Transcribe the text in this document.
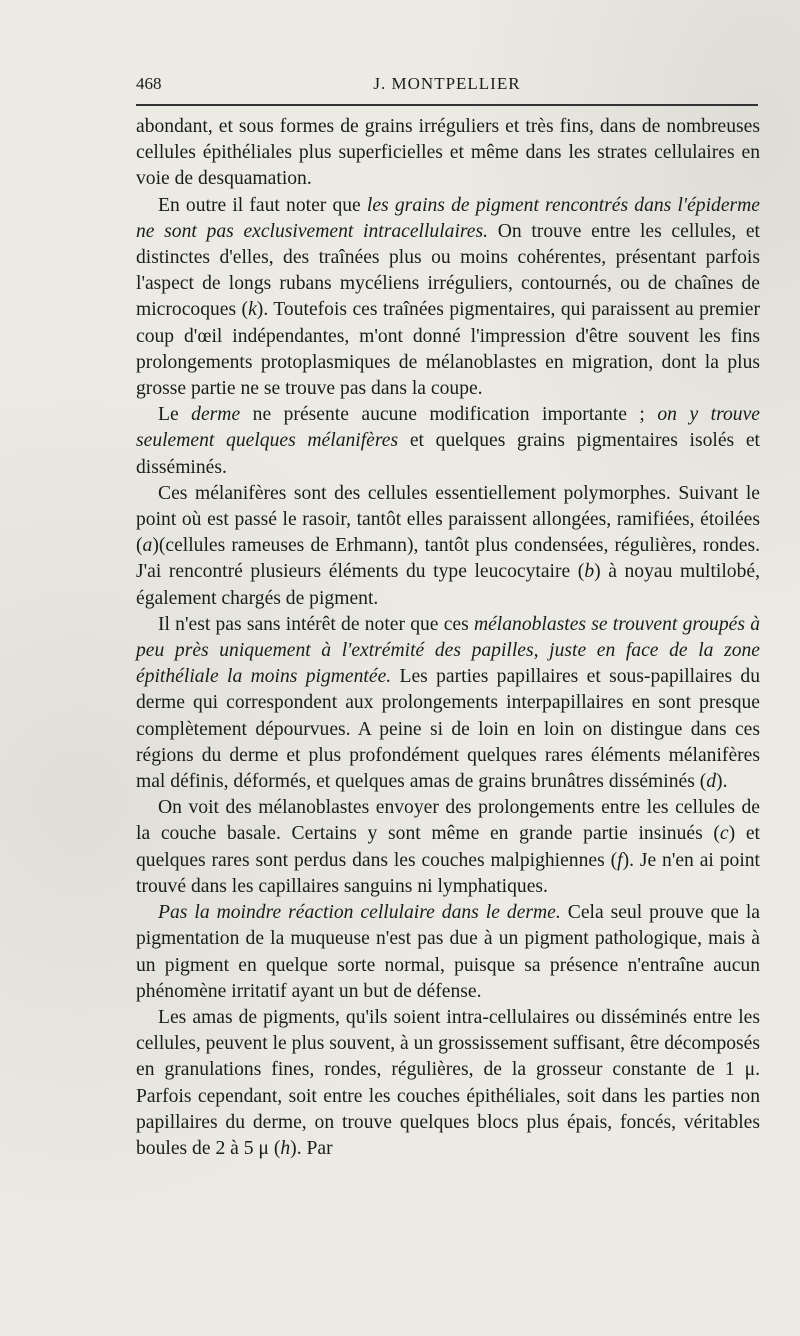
468	J. MONTPELLIER

abondant, et sous formes de grains irréguliers et très fins, dans de nombreuses cellules épithéliales plus superficielles et même dans les strates cellulaires en voie de desquamation.

En outre il faut noter que les grains de pigment rencontrés dans l'épiderme ne sont pas exclusivement intracellulaires. On trouve entre les cellules, et distinctes d'elles, des traînées plus ou moins cohérentes, présentant parfois l'aspect de longs rubans mycéliens irréguliers, contournés, ou de chaînes de microcoques (k). Toutefois ces traînées pigmentaires, qui paraissent au premier coup d'œil indépendantes, m'ont donné l'impression d'être souvent les fins prolongements protoplasmiques de mélanoblastes en migration, dont la plus grosse partie ne se trouve pas dans la coupe.

Le derme ne présente aucune modification importante ; on y trouve seulement quelques mélanifères et quelques grains pigmentaires isolés et disséminés.

Ces mélanifères sont des cellules essentiellement polymorphes. Suivant le point où est passé le rasoir, tantôt elles paraissent allongées, ramifiées, étoilées (a)(cellules rameuses de Erhmann), tantôt plus condensées, régulières, rondes. J'ai rencontré plusieurs éléments du type leucocytaire (b) à noyau multilobé, également chargés de pigment.

Il n'est pas sans intérêt de noter que ces mélanoblastes se trouvent groupés à peu près uniquement à l'extrémité des papilles, juste en face de la zone épithéliale la moins pigmentée. Les parties papillaires et sous-papillaires du derme qui correspondent aux prolongements interpapillaires en sont presque complètement dépourvues. A peine si de loin en loin on distingue dans ces régions du derme et plus profondément quelques rares éléments mélanifères mal définis, déformés, et quelques amas de grains brunâtres disséminés (d).

On voit des mélanoblastes envoyer des prolongements entre les cellules de la couche basale. Certains y sont même en grande partie insinués (c) et quelques rares sont perdus dans les couches malpighiennes (f). Je n'en ai point trouvé dans les capillaires sanguins ni lymphatiques.

Pas la moindre réaction cellulaire dans le derme. Cela seul prouve que la pigmentation de la muqueuse n'est pas due à un pigment pathologique, mais à un pigment en quelque sorte normal, puisque sa présence n'entraîne aucun phénomène irritatif ayant un but de défense.

Les amas de pigments, qu'ils soient intra-cellulaires ou disséminés entre les cellules, peuvent le plus souvent, à un grossissement suffisant, être décomposés en granulations fines, rondes, régulières, de la grosseur constante de 1 μ. Parfois cependant, soit entre les couches épithéliales, soit dans les parties non papillaires du derme, on trouve quelques blocs plus épais, foncés, véritables boules de 2 à 5 μ (h). Par
